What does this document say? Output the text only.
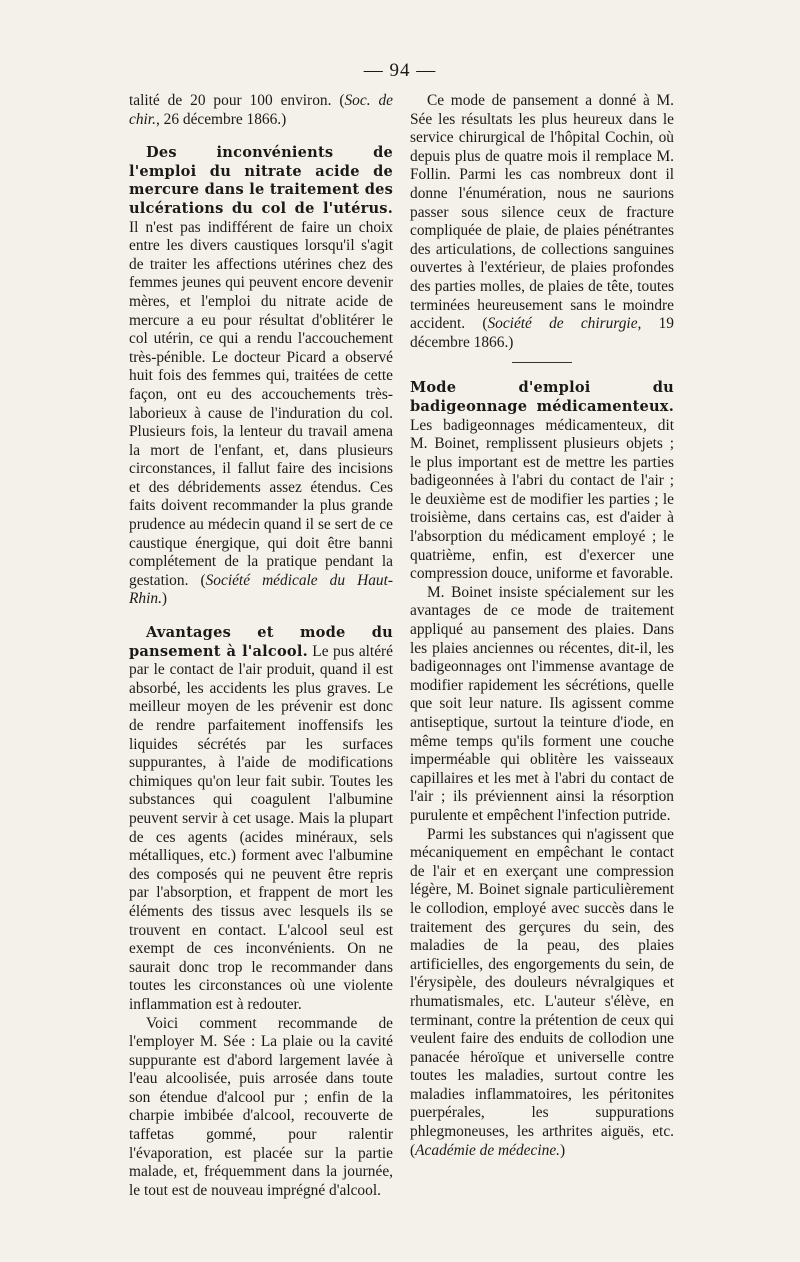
— 94 —

talité de 20 pour 100 environ. (Soc. de chir., 26 décembre 1866.)

Des inconvénients de l'emploi du nitrate acide de mercure dans le traitement des ulcérations du col de l'utérus. Il n'est pas indifférent de faire un choix entre les divers caustiques lorsqu'il s'agit de traiter les affections utérines chez des femmes jeunes qui peuvent encore devenir mères, et l'emploi du nitrate acide de mercure a eu pour résultat d'oblitérer le col utérin, ce qui a rendu l'accouchement très-pénible. Le docteur Picard a observé huit fois des femmes qui, traitées de cette façon, ont eu des accouchements très-laborieux à cause de l'induration du col. Plusieurs fois, la lenteur du travail amena la mort de l'enfant, et, dans plusieurs circonstances, il fallut faire des incisions et des débridements assez étendus. Ces faits doivent recommander la plus grande prudence au médecin quand il se sert de ce caustique énergique, qui doit être banni complétement de la pratique pendant la gestation. (Société médicale du Haut-Rhin.)

Avantages et mode du pansement à l'alcool. Le pus altéré par le contact de l'air produit, quand il est absorbé, les accidents les plus graves. Le meilleur moyen de les prévenir est donc de rendre parfaitement inoffensifs les liquides sécrétés par les surfaces suppurantes, à l'aide de modifications chimiques qu'on leur fait subir. Toutes les substances qui coagulent l'albumine peuvent servir à cet usage. Mais la plupart de ces agents (acides minéraux, sels métalliques, etc.) forment avec l'albumine des composés qui ne peuvent être repris par l'absorption, et frappent de mort les éléments des tissus avec lesquels ils se trouvent en contact. L'alcool seul est exempt de ces inconvénients. On ne saurait donc trop le recommander dans toutes les circonstances où une violente inflammation est à redouter.

Voici comment recommande de l'employer M. Sée : La plaie ou la cavité suppurante est d'abord largement lavée à l'eau alcoolisée, puis arrosée dans toute son étendue d'alcool pur ; enfin de la charpie imbibée d'alcool, recouverte de taffetas gommé, pour ralentir l'évaporation, est placée sur la partie malade, et, fréquemment dans la journée, le tout est de nouveau imprégné d'alcool.

Ce mode de pansement a donné à M. Sée les résultats les plus heureux dans le service chirurgical de l'hôpital Cochin, où depuis plus de quatre mois il remplace M. Follin. Parmi les cas nombreux dont il donne l'énumération, nous ne saurions passer sous silence ceux de fracture compliquée de plaie, de plaies pénétrantes des articulations, de collections sanguines ouvertes à l'extérieur, de plaies profondes des parties molles, de plaies de tête, toutes terminées heureusement sans le moindre accident. (Société de chirurgie, 19 décembre 1866.)

Mode d'emploi du badigeonnage médicamenteux. Les badigeonnages médicamenteux, dit M. Boinet, remplissent plusieurs objets ; le plus important est de mettre les parties badigeonnées à l'abri du contact de l'air ; le deuxième est de modifier les parties ; le troisième, dans certains cas, est d'aider à l'absorption du médicament employé ; le quatrième, enfin, est d'exercer une compression douce, uniforme et favorable.

M. Boinet insiste spécialement sur les avantages de ce mode de traitement appliqué au pansement des plaies. Dans les plaies anciennes ou récentes, dit-il, les badigeonnages ont l'immense avantage de modifier rapidement les sécrétions, quelle que soit leur nature. Ils agissent comme antiseptique, surtout la teinture d'iode, en même temps qu'ils forment une couche imperméable qui oblitère les vaisseaux capillaires et les met à l'abri du contact de l'air ; ils préviennent ainsi la résorption purulente et empêchent l'infection putride.

Parmi les substances qui n'agissent que mécaniquement en empêchant le contact de l'air et en exerçant une compression légère, M. Boinet signale particulièrement le collodion, employé avec succès dans le traitement des gerçures du sein, des maladies de la peau, des plaies artificielles, des engorgements du sein, de l'érysipèle, des douleurs névralgiques et rhumatismales, etc. L'auteur s'élève, en terminant, contre la prétention de ceux qui veulent faire des enduits de collodion une panacée héroïque et universelle contre toutes les maladies, surtout contre les maladies inflammatoires, les péritonites puerpérales, les suppurations phlegmoneuses, les arthrites aiguës, etc. (Académie de médecine.)
